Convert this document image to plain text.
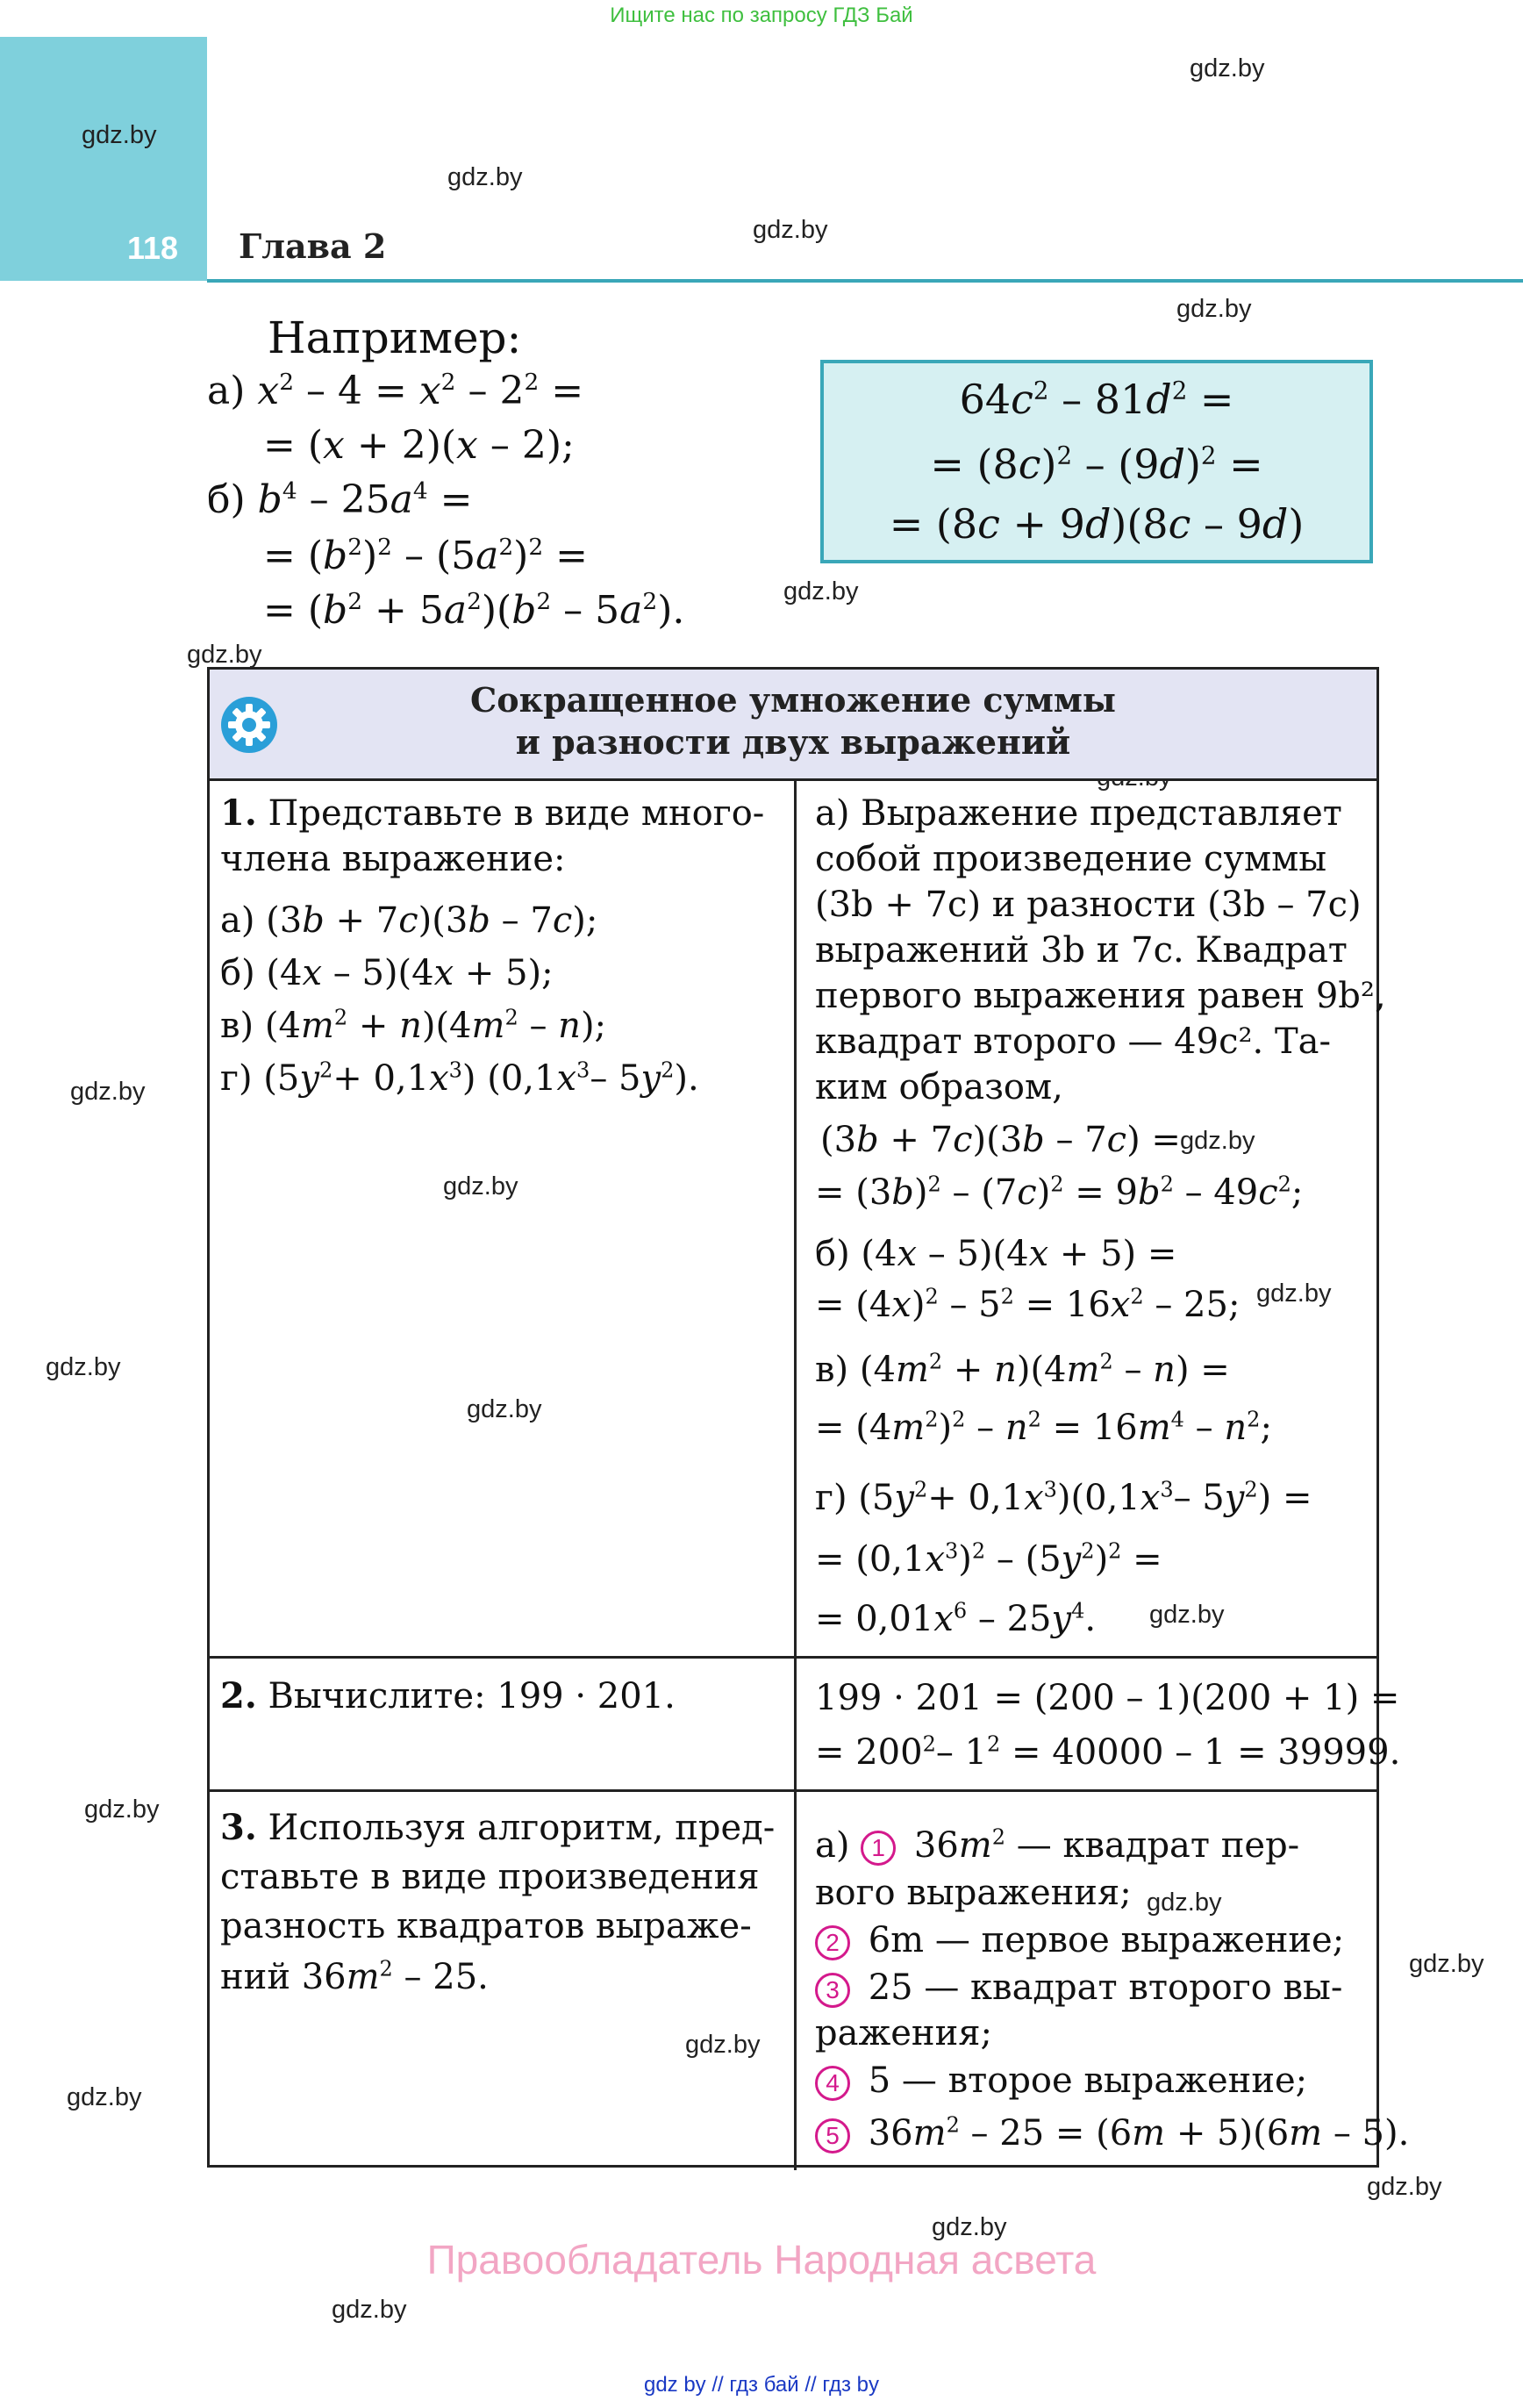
Ищите нас по запросу ГДЗ Бай
118 Глава 2
gdz.by
gdz.by
gdz.by
gdz.by
gdz.by
gdz.by
gdz.by
gdz.by
gdz.by
gdz.by
gdz.by
gdz.by
gdz.by
gdz.by
gdz.by
gdz.by
gdz.by
gdz.by
gdz.by
gdz.by
gdz.by
gdz.by
Например:
а) $x^2 - 4 = x^2 - 2^2$ =
= (x + 2)(x – 2);
б) $b^4 - 25a^4$ =
= $(b^2)^2 - (5a^2)^2$ =
= $(b^2 + 5a^2)(b^2 - 5a^2)$.
$64c^2 - 81d^2$ =
= $(8c)^2 - (9d)^2$ =
= (8c + 9d)(8c – 9d)
Сокращенное умножение суммы
и разности двух выражений
1. Представьте в виде много-
члена выражение:
а) (3b + 7c)(3b – 7c);
б) (4x – 5)(4x + 5);
в) $(4m^2 + n)(4m^2 - n)$;
г) $(5y^2+ 0,1x^3)$ ($0,1x^3-$ $5y^2$).
а) Выражение представляет
собой произведение суммы
(3b + 7c) и разности (3b – 7c)
выражений 3b и 7c. Квадрат
первого выражения равен 9b²,
квадрат второго — 49c². Та-
ким образом,
(3b + 7c)(3b – 7c) =
= $(3b)^2 - (7c)^2 = 9b^2 - 49c^2$;
б) (4x – 5)(4x + 5) =
= $(4x)^2 - 5^2 = 16x^2 - 25$;
в) $(4m^2 + n)(4m^2 - n)$ =
= $(4m^2)^2 - n^2 = 16m^4 - n^2$;
г) $(5y^2+ 0,1x^3)(0,1x^3-$ $5y^2$) =
= $(0,1x^3)^2 - (5y^2)^2$ =
= $0,01x^6 - 25y^4$.
2. Вычислите: 199 · 201.	199 · 201 = (200 – 1)(200 + 1) =
= $200^2-$ $1^2 = 40000 - 1 = 39999$.
3. Используя алгоритм, пред-
ставьте в виде произведения
разность квадратов выраже-
ний $36m^2 - 25$.
а) 1 $36m^2$ — квадрат пер-
вого выражения;
2 6m — первое выражение;
3 25 — квадрат второго вы-
ражения;
4 5 — второе выражение;
5 $36m^2 - 25 = (6m + 5)(6m - 5)$.
Правообладатель Народная асвета
gdz by // гдз бай // гдз by
